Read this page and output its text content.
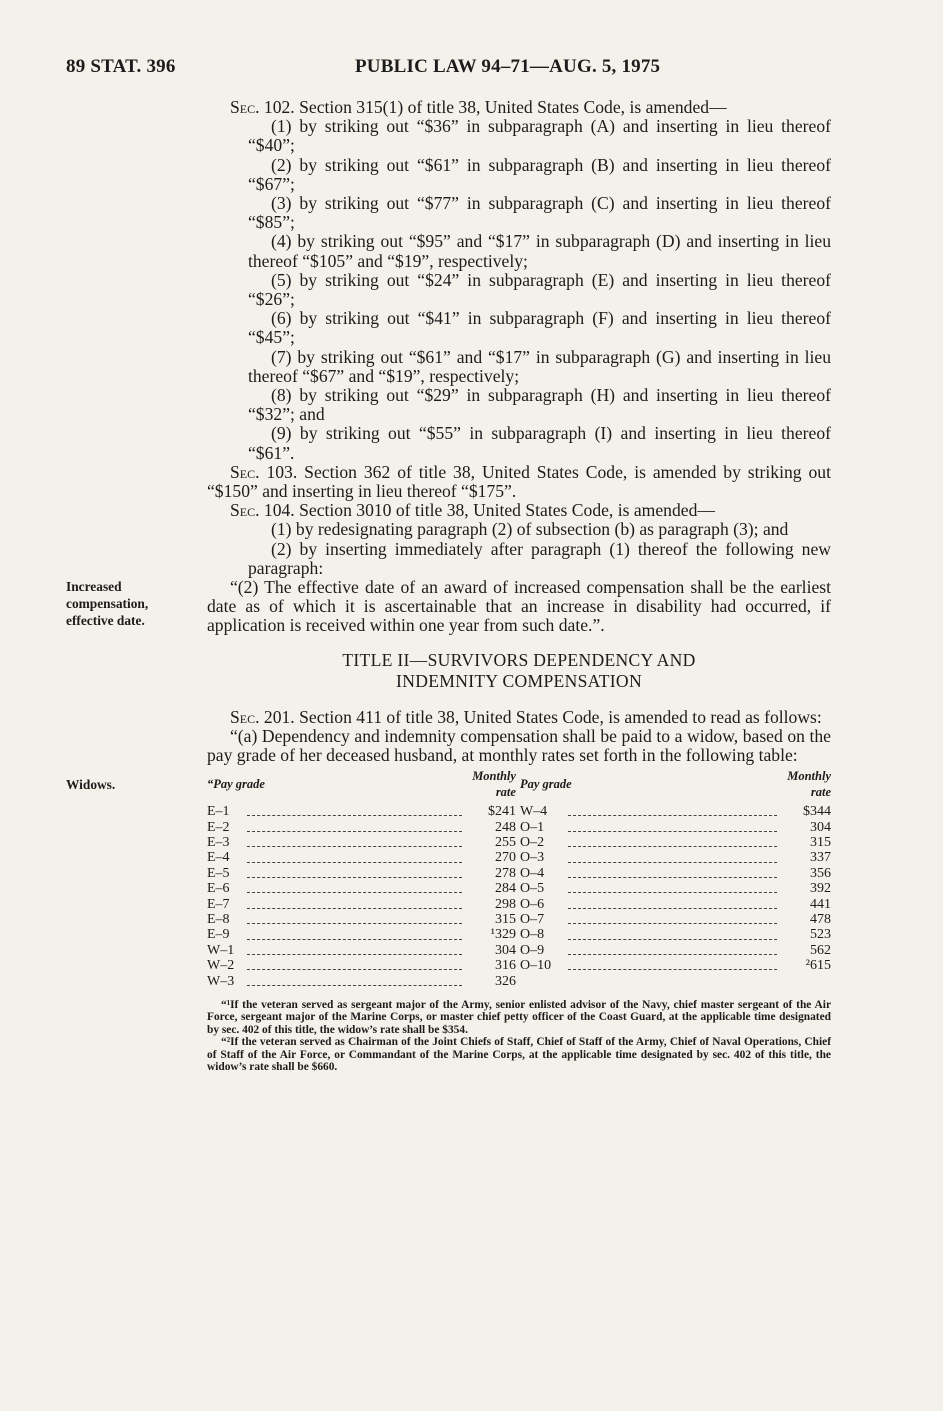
89 STAT. 396	PUBLIC LAW 94–71—AUG. 5, 1975
Increased compensation, effective date.
Widows.

Sec. 102. Section 315(1) of title 38, United States Code, is amended—

(1) by striking out “$36” in subparagraph (A) and inserting in lieu thereof “$40”;

(2) by striking out “$61” in subparagraph (B) and inserting in lieu thereof “$67”;

(3) by striking out “$77” in subparagraph (C) and inserting in lieu thereof “$85”;

(4) by striking out “$95” and “$17” in subparagraph (D) and inserting in lieu thereof “$105” and “$19”, respectively;

(5) by striking out “$24” in subparagraph (E) and inserting in lieu thereof “$26”;

(6) by striking out “$41” in subparagraph (F) and inserting in lieu thereof “$45”;

(7) by striking out “$61” and “$17” in subparagraph (G) and inserting in lieu thereof “$67” and “$19”, respectively;

(8) by striking out “$29” in subparagraph (H) and inserting in lieu thereof “$32”; and

(9) by striking out “$55” in subparagraph (I) and inserting in lieu thereof “$61”.

Sec. 103. Section 362 of title 38, United States Code, is amended by striking out “$150” and inserting in lieu thereof “$175”.

Sec. 104. Section 3010 of title 38, United States Code, is amended—

(1) by redesignating paragraph (2) of subsection (b) as paragraph (3); and

(2) by inserting immediately after paragraph (1) thereof the following new paragraph:

“(2) The effective date of an award of increased compensation shall be the earliest date as of which it is ascertainable that an increase in disability had occurred, if application is received within one year from such date.”.

TITLE II—SURVIVORS DEPENDENCY AND
INDEMNITY COMPENSATION

Sec. 201. Section 411 of title 38, United States Code, is amended to read as follows:

“(a) Dependency and indemnity compensation shall be paid to a widow, based on the pay grade of her deceased husband, at monthly rates set forth in the following table:

“Pay grade		Monthly rate	Pay grade		Monthly rate
E–1		$241	W–4		$344
E–2		248	O–1		304
E–3		255	O–2		315
E–4		270	O–3		337
E–5		278	O–4		356
E–6		284	O–5		392
E–7		298	O–6		441
E–8		315	O–7		478
E–9		¹329	O–8		523
W–1		304	O–9		562
W–2		316	O–10		²615
W–3		326			

“¹If the veteran served as sergeant major of the Army, senior enlisted advisor of the Navy, chief master sergeant of the Air Force, sergeant major of the Marine Corps, or master chief petty officer of the Coast Guard, at the applicable time designated by sec. 402 of this title, the widow’s rate shall be $354.

“²If the veteran served as Chairman of the Joint Chiefs of Staff, Chief of Staff of the Army, Chief of Naval Operations, Chief of Staff of the Air Force, or Commandant of the Marine Corps, at the applicable time designated by sec. 402 of this title, the widow’s rate shall be $660.
